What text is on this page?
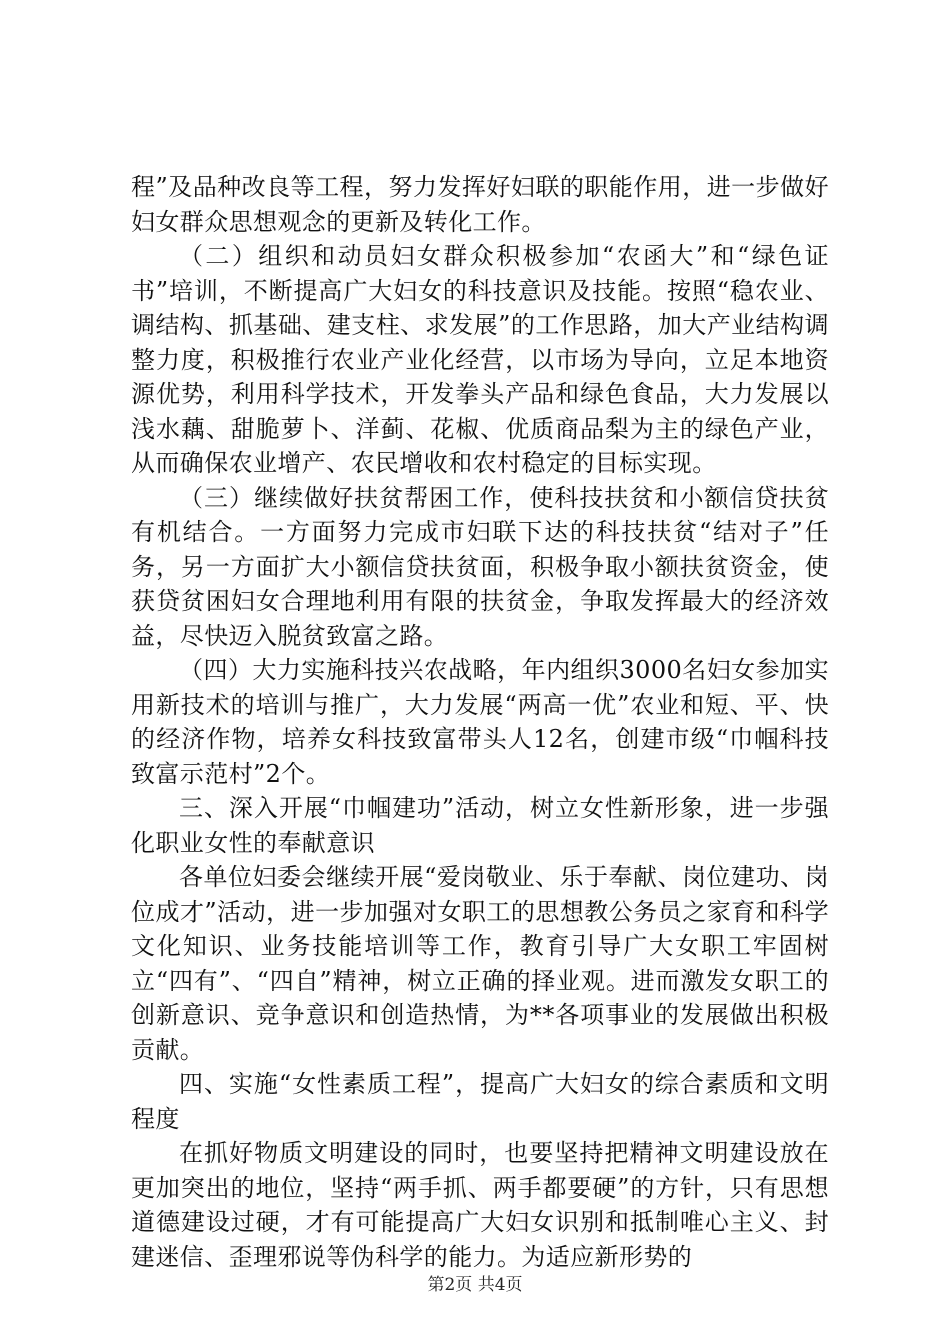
程”及品种改良等工程，努力发挥好妇联的职能作用，进一步做好妇女群众思想观念的更新及转化工作。

（二）组织和动员妇女群众积极参加“农函大”和“绿色证书”培训，不断提高广大妇女的科技意识及技能。按照“稳农业、调结构、抓基础、建支柱、求发展”的工作思路，加大产业结构调整力度，积极推行农业产业化经营，以市场为导向，立足本地资源优势，利用科学技术，开发拳头产品和绿色食品，大力发展以浅水藕、甜脆萝卜、洋蓟、花椒、优质商品梨为主的绿色产业，从而确保农业增产、农民增收和农村稳定的目标实现。

（三）继续做好扶贫帮困工作，使科技扶贫和小额信贷扶贫有机结合。一方面努力完成市妇联下达的科技扶贫“结对子”任务，另一方面扩大小额信贷扶贫面，积极争取小额扶贫资金，使获贷贫困妇女合理地利用有限的扶贫金，争取发挥最大的经济效益，尽快迈入脱贫致富之路。

（四）大力实施科技兴农战略，年内组织3000名妇女参加实用新技术的培训与推广，大力发展“两高一优”农业和短、平、快的经济作物，培养女科技致富带头人12名，创建市级“巾帼科技致富示范村”2个。

三、深入开展“巾帼建功”活动，树立女性新形象，进一步强化职业女性的奉献意识

各单位妇委会继续开展“爱岗敬业、乐于奉献、岗位建功、岗位成才”活动，进一步加强对女职工的思想教公务员之家育和科学文化知识、业务技能培训等工作，教育引导广大女职工牢固树立“四有”、“四自”精神，树立正确的择业观。进而激发女职工的创新意识、竞争意识和创造热情，为**各项事业的发展做出积极贡献。

四、实施“女性素质工程”，提高广大妇女的综合素质和文明程度

在抓好物质文明建设的同时，也要坚持把精神文明建设放在更加突出的地位，坚持“两手抓、两手都要硬”的方针，只有思想道德建设过硬，才有可能提高广大妇女识别和抵制唯心主义、封建迷信、歪理邪说等伪科学的能力。为适应新形势的

第2页 共4页
